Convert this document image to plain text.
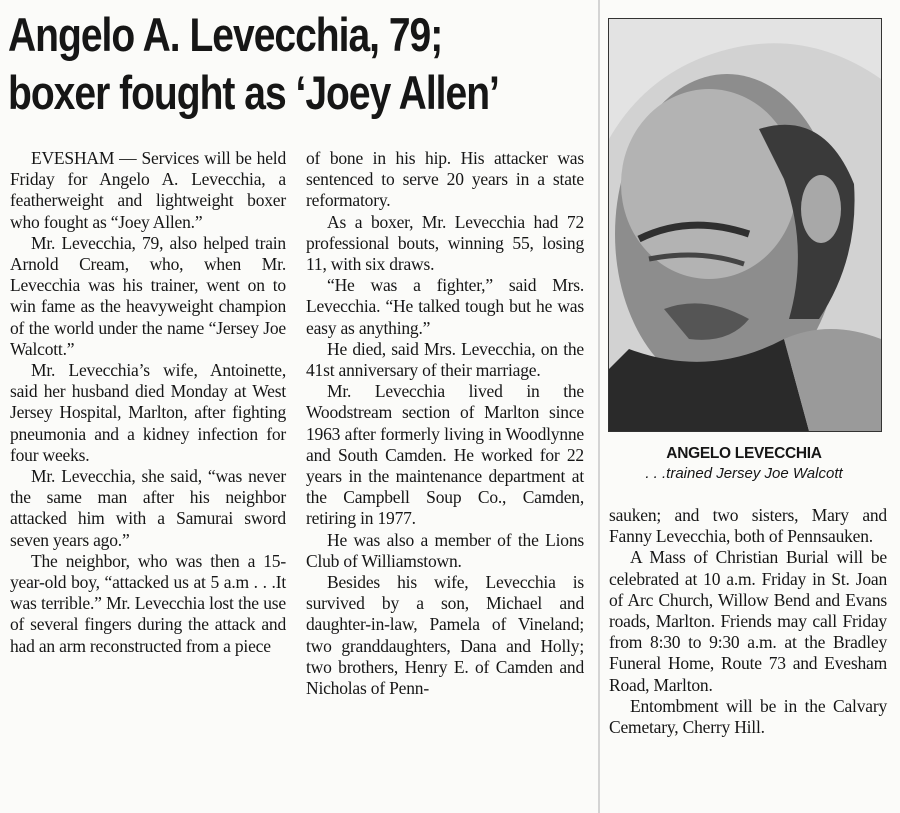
Angelo A. Levecchia, 79;
boxer fought as ‘Joey Allen’

EVESHAM — Services will be held Friday for Angelo A. Levecchia, a featherweight and lightweight boxer who fought as “Joey Allen.”

Mr. Levecchia, 79, also helped train Arnold Cream, who, when Mr. Levecchia was his trainer, went on to win fame as the heavyweight champion of the world under the name “Jersey Joe Walcott.”

Mr. Levecchia’s wife, Antoinette, said her husband died Monday at West Jersey Hospital, Marlton, after fighting pneumonia and a kidney infection for four weeks.

Mr. Levecchia, she said, “was never the same man after his neighbor attacked him with a Samurai sword seven years ago.”

The neighbor, who was then a 15-year-old boy, “attacked us at 5 a.m . . .It was terrible.” Mr. Levecchia lost the use of several fingers during the attack and had an arm reconstructed from a piece

of bone in his hip. His attacker was sentenced to serve 20 years in a state reformatory.

As a boxer, Mr. Levecchia had 72 professional bouts, winning 55, losing 11, with six draws.

“He was a fighter,” said Mrs. Levecchia. “He talked tough but he was easy as anything.”

He died, said Mrs. Levecchia, on the 41st anniversary of their marriage.

Mr. Levecchia lived in the Woodstream section of Marlton since 1963 after formerly living in Woodlynne and South Camden. He worked for 22 years in the maintenance department at the Campbell Soup Co., Camden, retiring in 1977.

He was also a member of the Lions Club of Williamstown.

Besides his wife, Levecchia is survived by a son, Michael and daughter-in-law, Pamela of Vineland; two granddaughters, Dana and Holly; two brothers, Henry E. of Camden and Nicholas of Penn-

ANGELO LEVECCHIA
. . .trained Jersey Joe Walcott

sauken; and two sisters, Mary and Fanny Levecchia, both of Pennsauken.

A Mass of Christian Burial will be celebrated at 10 a.m. Friday in St. Joan of Arc Church, Willow Bend and Evans roads, Marlton. Friends may call Friday from 8:30 to 9:30 a.m. at the Bradley Funeral Home, Route 73 and Evesham Road, Marlton.

Entombment will be in the Calvary Cemetary, Cherry Hill.
